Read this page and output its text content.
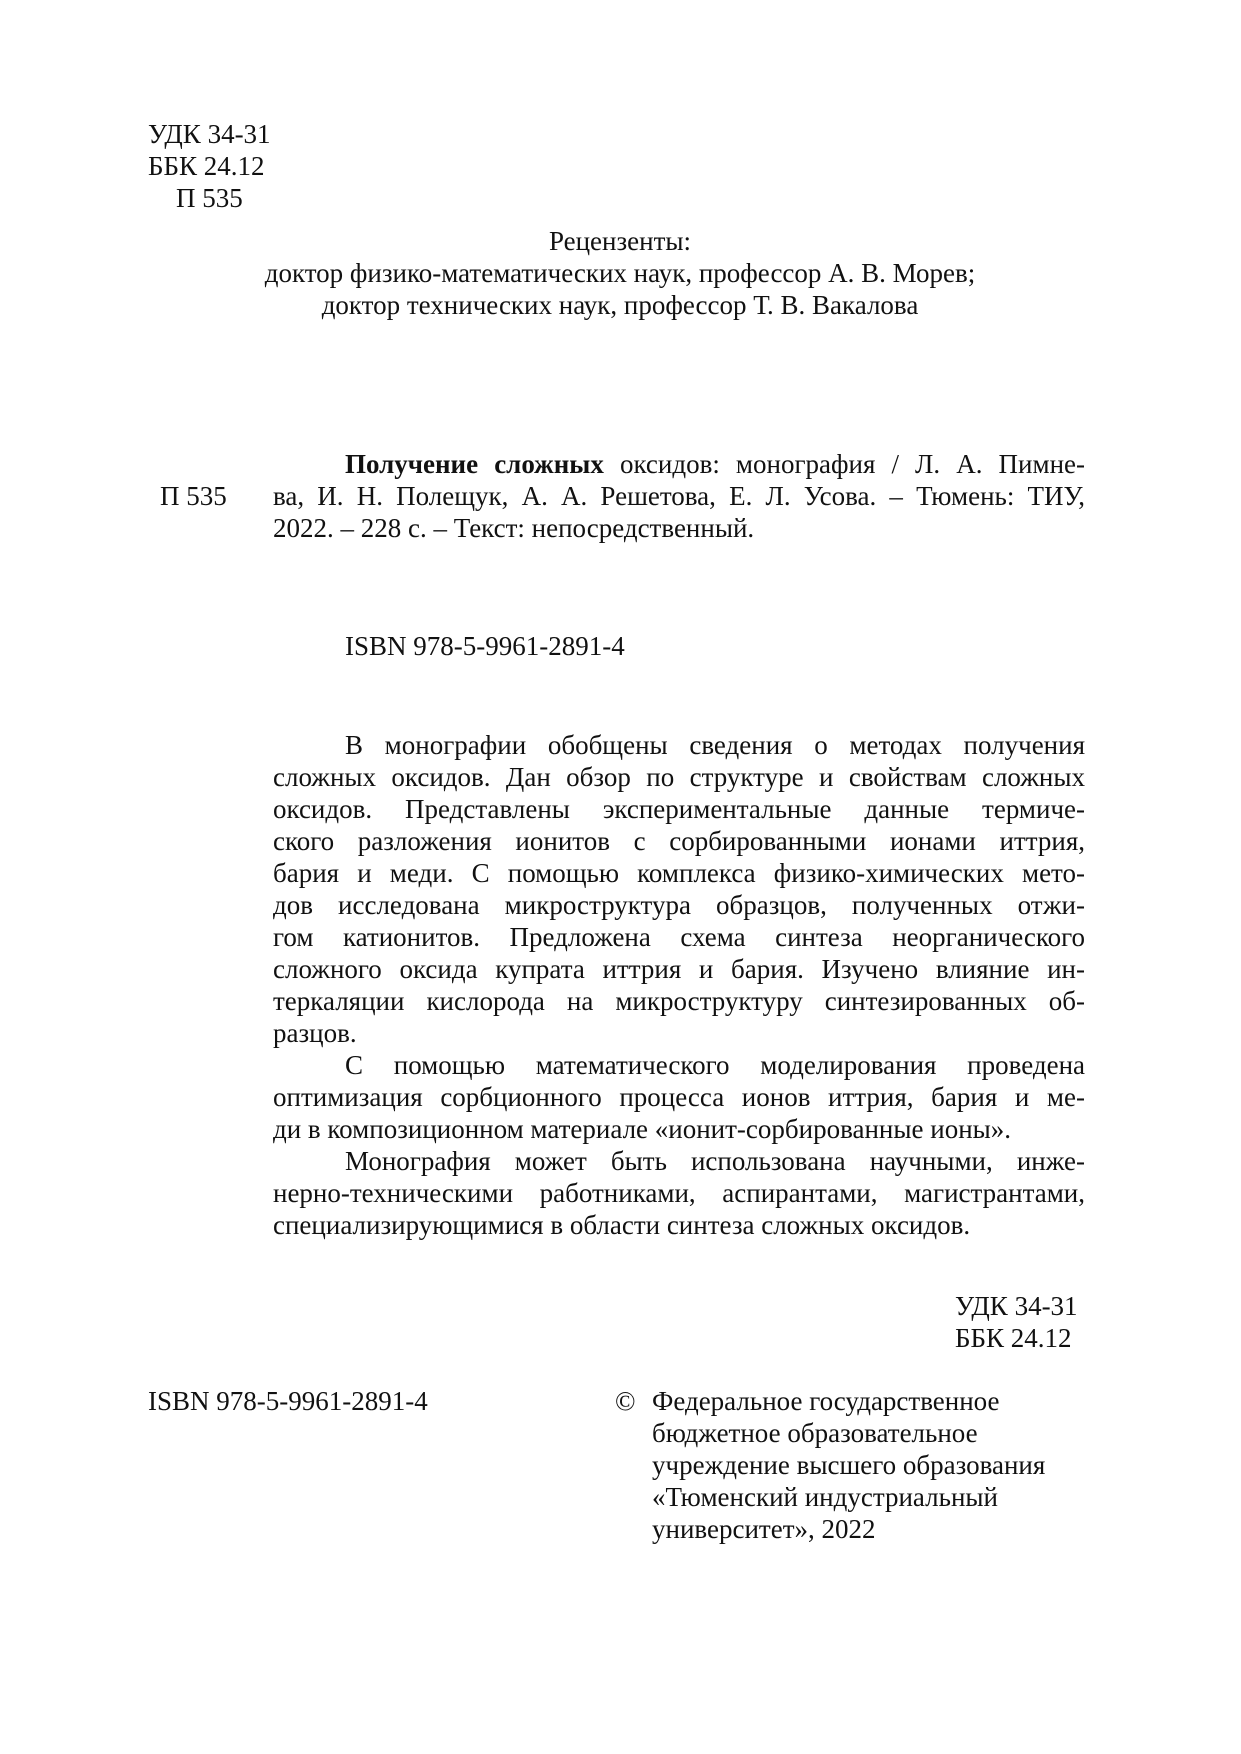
УДК 34-31
ББК 24.12
П 535
Рецензенты:
доктор физико-математических наук, профессор А. В. Морев;
доктор технических наук, профессор Т. В. Вакалова
П 535
Получение сложных оксидов: монография / Л. А. Пимне-
ва, И. Н. Полещук, А. А. Решетова, Е. Л. Усова. – Тюмень: ТИУ,
2022. – 228 с. – Текст: непосредственный.
ISBN 978-5-9961-2891-4
В монографии обобщены сведения о методах получения
сложных оксидов. Дан обзор по структуре и свойствам сложных
оксидов. Представлены экспериментальные данные термиче-
ского разложения ионитов с сорбированными ионами иттрия,
бария и меди. С помощью комплекса физико-химических мето-
дов исследована микроструктура образцов, полученных отжи-
гом катионитов. Предложена схема синтеза неорганического
сложного оксида купрата иттрия и бария. Изучено влияние ин-
теркаляции кислорода на микроструктуру синтезированных об-
разцов.
С помощью математического моделирования проведена
оптимизация сорбционного процесса ионов иттрия, бария и ме-
ди в композиционном материале «ионит-сорбированные ионы».
Монография может быть использована научными, инже-
нерно-техническими работниками, аспирантами, магистрантами,
специализирующимися в области синтеза сложных оксидов.
УДК 34-31
ББК 24.12
ISBN 978-5-9961-2891-4	© Федеральное государственное
бюджетное образовательное
учреждение высшего образования
«Тюменский индустриальный
университет», 2022
